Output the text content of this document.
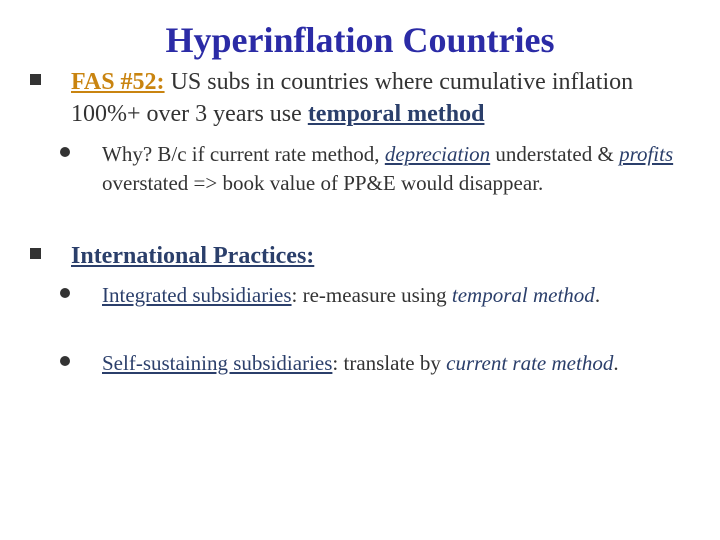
Hyperinflation Countries
FAS #52: US subs in countries where cumulative inflation 100%+ over 3 years use temporal method
Why? B/c if current rate method, depreciation understated & profits overstated => book value of PP&E would disappear.
International Practices:
Integrated subsidiaries: re-measure using temporal method.
Self-sustaining subsidiaries: translate by current rate method.
